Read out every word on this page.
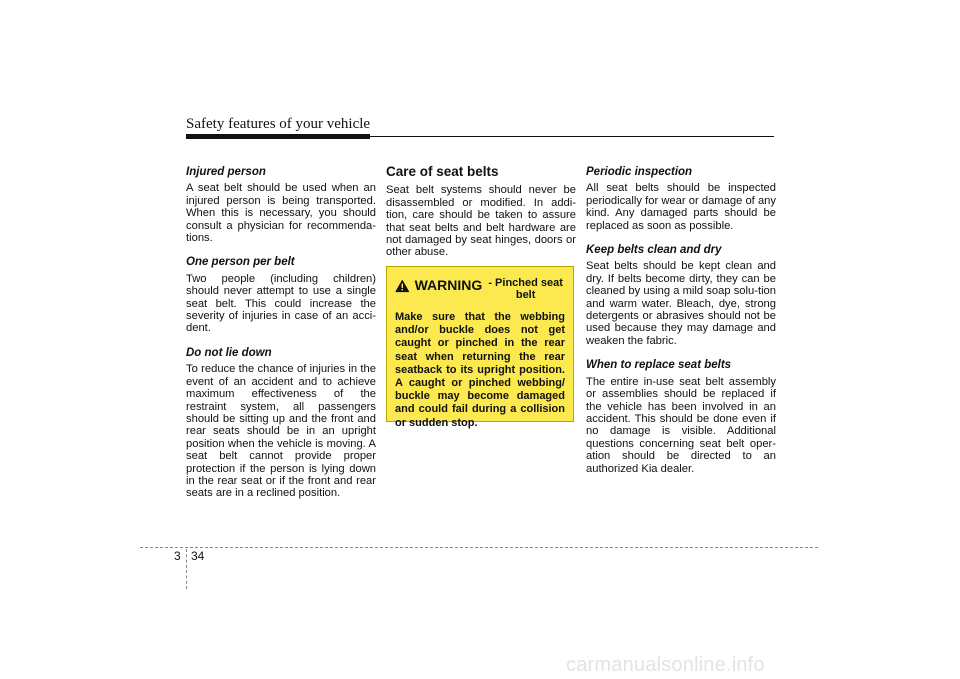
Safety features of your vehicle
Injured person
A seat belt should be used when an injured person is being transported. When this is necessary, you should consult a physician for recommenda-tions.
One person per belt
Two people (including children) should never attempt to use a single seat belt. This could increase the severity of injuries in case of an acci-dent.
Do not lie down
To reduce the chance of injuries in the event of an accident and to achieve maximum effectiveness of the restraint system, all passengers should be sitting up and the front and rear seats should be in an upright position when the vehicle is moving. A seat belt cannot provide proper protection if the person is lying down in the rear seat or if the front and rear seats are in a reclined position.
Care of seat belts
Seat belt systems should never be disassembled or modified. In addi-tion, care should be taken to assure that seat belts and belt hardware are not damaged by seat hinges, doors or other abuse.
WARNING - Pinched seat belt
Make sure that the webbing and/or buckle does not get caught or pinched in the rear seat when returning the rear seatback to its upright position. A caught or pinched webbing/ buckle may become damaged and could fail during a collision or sudden stop.
Periodic inspection
All seat belts should be inspected periodically for wear or damage of any kind. Any damaged parts should be replaced as soon as possible.
Keep belts clean and dry
Seat belts should be kept clean and dry. If belts become dirty, they can be cleaned by using a mild soap solu-tion and warm water. Bleach, dye, strong detergents or abrasives should not be used because they may damage and weaken the fabric.
When to replace seat belts
The entire in-use seat belt assembly or assemblies should be replaced if the vehicle has been involved in an accident. This should be done even if no damage is visible. Additional questions concerning seat belt oper-ation should be directed to an authorized Kia dealer.
3 34
carmanualsonline.info
